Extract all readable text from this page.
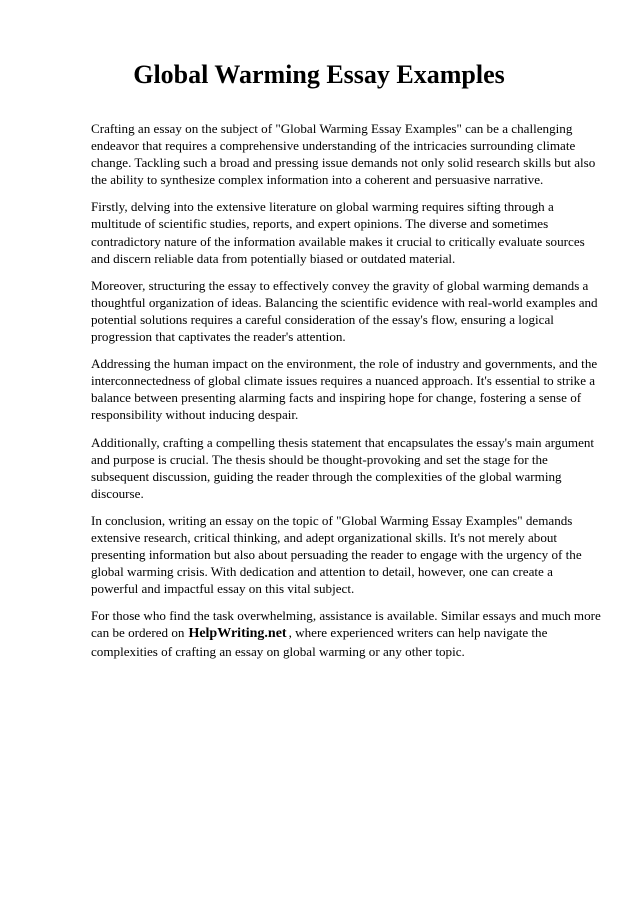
Global Warming Essay Examples

Crafting an essay on the subject of "Global Warming Essay Examples" can be a challenging endeavor that requires a comprehensive understanding of the intricacies surrounding climate change. Tackling such a broad and pressing issue demands not only solid research skills but also the ability to synthesize complex information into a coherent and persuasive narrative.

Firstly, delving into the extensive literature on global warming requires sifting through a multitude of scientific studies, reports, and expert opinions. The diverse and sometimes contradictory nature of the information available makes it crucial to critically evaluate sources and discern reliable data from potentially biased or outdated material.

Moreover, structuring the essay to effectively convey the gravity of global warming demands a thoughtful organization of ideas. Balancing the scientific evidence with real-world examples and potential solutions requires a careful consideration of the essay's flow, ensuring a logical progression that captivates the reader's attention.

Addressing the human impact on the environment, the role of industry and governments, and the interconnectedness of global climate issues requires a nuanced approach. It's essential to strike a balance between presenting alarming facts and inspiring hope for change, fostering a sense of responsibility without inducing despair.

Additionally, crafting a compelling thesis statement that encapsulates the essay's main argument and purpose is crucial. The thesis should be thought-provoking and set the stage for the subsequent discussion, guiding the reader through the complexities of the global warming discourse.

In conclusion, writing an essay on the topic of "Global Warming Essay Examples" demands extensive research, critical thinking, and adept organizational skills. It's not merely about presenting information but also about persuading the reader to engage with the urgency of the global warming crisis. With dedication and attention to detail, however, one can create a powerful and impactful essay on this vital subject.

For those who find the task overwhelming, assistance is available. Similar essays and much more can be ordered on HelpWriting.net , where experienced writers can help navigate the complexities of crafting an essay on global warming or any other topic.
